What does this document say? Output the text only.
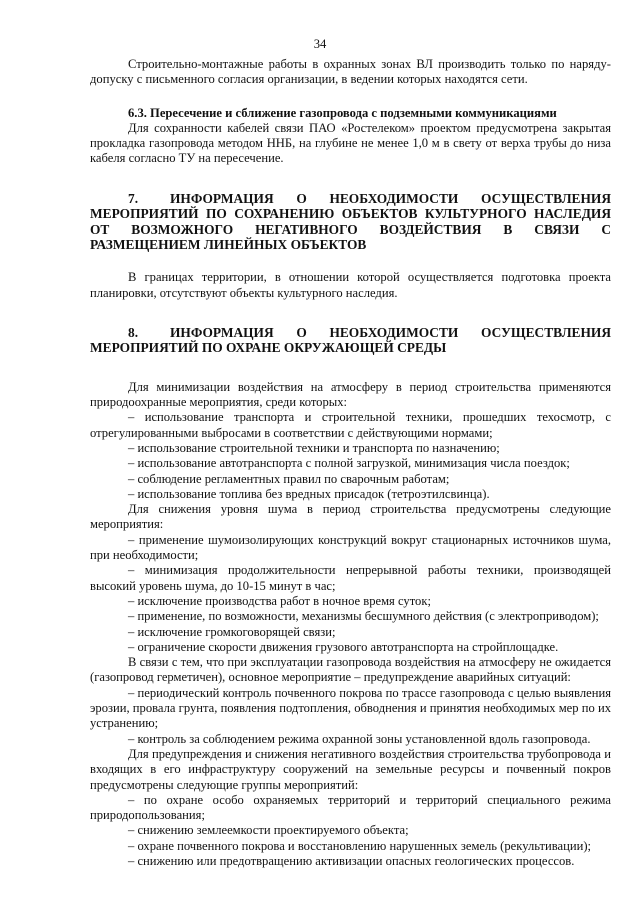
34

Строительно-монтажные работы в охранных зонах ВЛ производить только по наряду-допуску с письменного согласия организации, в ведении которых находятся сети.

6.3. Пересечение и сближение газопровода с подземными коммуникациями

Для сохранности кабелей связи ПАО «Ростелеком» проектом предусмотрена закрытая прокладка газопровода методом ННБ, на глубине не менее 1,0 м в свету от верха трубы до низа кабеля согласно ТУ на пересечение.

7. ИНФОРМАЦИЯ О НЕОБХОДИМОСТИ ОСУЩЕСТВЛЕНИЯ МЕРОПРИЯТИЙ ПО СОХРАНЕНИЮ ОБЪЕКТОВ КУЛЬТУРНОГО НАСЛЕДИЯ ОТ ВОЗМОЖНОГО НЕГАТИВНОГО ВОЗДЕЙСТВИЯ В СВЯЗИ С РАЗМЕЩЕНИЕМ ЛИНЕЙНЫХ ОБЪЕКТОВ

В границах территории, в отношении которой осуществляется подготовка проекта планировки, отсутствуют объекты культурного наследия.

8. ИНФОРМАЦИЯ О НЕОБХОДИМОСТИ ОСУЩЕСТВЛЕНИЯ МЕРОПРИЯТИЙ ПО ОХРАНЕ ОКРУЖАЮЩЕЙ СРЕДЫ

Для минимизации воздействия на атмосферу в период строительства применяются природоохранные мероприятия, среди которых:

– использование транспорта и строительной техники, прошедших техосмотр, с отрегулированными выбросами в соответствии с действующими нормами;

– использование строительной техники и транспорта по назначению;

– использование автотранспорта с полной загрузкой, минимизация числа поездок;

– соблюдение регламентных правил по сварочным работам;

– использование топлива без вредных присадок (тетроэтилсвинца).

Для снижения уровня шума в период строительства предусмотрены следующие мероприятия:

– применение шумоизолирующих конструкций вокруг стационарных источников шума, при необходимости;

– минимизация продолжительности непрерывной работы техники, производящей высокий уровень шума, до 10-15 минут в час;

– исключение производства работ в ночное время суток;

– применение, по возможности, механизмы бесшумного действия (с электроприводом);

– исключение громкоговорящей связи;

– ограничение скорости движения грузового автотранспорта на стройплощадке.

В связи с тем, что при эксплуатации газопровода воздействия на атмосферу не ожидается (газопровод герметичен), основное мероприятие – предупреждение аварийных ситуаций:

– периодический контроль почвенного покрова по трассе газопровода с целью выявления эрозии, провала грунта, появления подтопления, обводнения и принятия необходимых мер по их устранению;

– контроль за соблюдением режима охранной зоны установленной вдоль газопровода.

Для предупреждения и снижения негативного воздействия строительства трубопровода и входящих в его инфраструктуру сооружений на земельные ресурсы и почвенный покров предусмотрены следующие группы мероприятий:

– по охране особо охраняемых территорий и территорий специального режима природопользования;

– снижению землеемкости проектируемого объекта;

– охране почвенного покрова и восстановлению нарушенных земель (рекультивации);

– снижению или предотвращению активизации опасных геологических процессов.
